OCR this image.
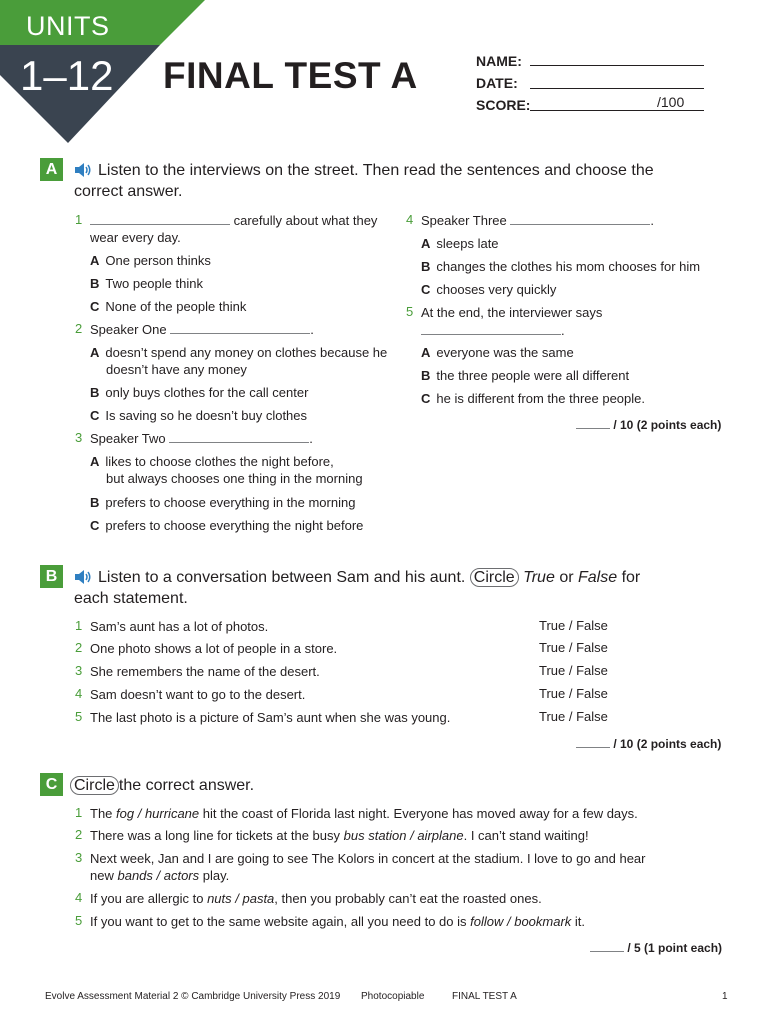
UNITS
1–12 FINAL TEST A	NAME:
DATE:
SCORE:	/100
A	Listen to the interviews on the street. Then read the sentences and choose the
correct answer.
1	carefully about what they
wear every day.
A One person thinks
B Two people think
C None of the people think
2 Speaker One	.
A doesn’t spend any money on clothes because he
doesn’t have any money
B only buys clothes for the call center
C Is saving so he doesn’t buy clothes
3 Speaker Two	.
A likes to choose clothes the night before,
but always chooses one thing in the morning
B prefers to choose everything in the morning
C prefers to choose everything the night before
4 Speaker Three	.
A sleeps late
B changes the clothes his mom chooses for him
C chooses very quickly
5 At the end, the interviewer says
.
A everyone was the same
B the three people were all different
C he is different from the three people.
/ 10 (2 points each)
B	Listen to a conversation between Sam and his aunt. Circle True or False for
each statement.
1 Sam’s aunt has a lot of photos.	True / False
2 One photo shows a lot of people in a store.	True / False
3 She remembers the name of the desert.	True / False
4 Sam doesn’t want to go to the desert.	True / False
5 The last photo is a picture of Sam’s aunt when she was young.	True / False
/ 10 (2 points each)
C	Circle the correct answer.
1 The fog / hurricane hit the coast of Florida last night. Everyone has moved away for a few days.
2 There was a long line for tickets at the busy bus station / airplane. I can’t stand waiting!
3 Next week, Jan and I are going to see The Kolors in concert at the stadium. I love to go and hear
new bands / actors play.
4 If you are allergic to nuts / pasta, then you probably can’t eat the roasted ones.
5 If you want to get to the same website again, all you need to do is follow / bookmark it.
/ 5 (1 point each)
Evolve Assessment Material 2 © Cambridge University Press 2019 Photocopiable	FINAL TEST A	1
